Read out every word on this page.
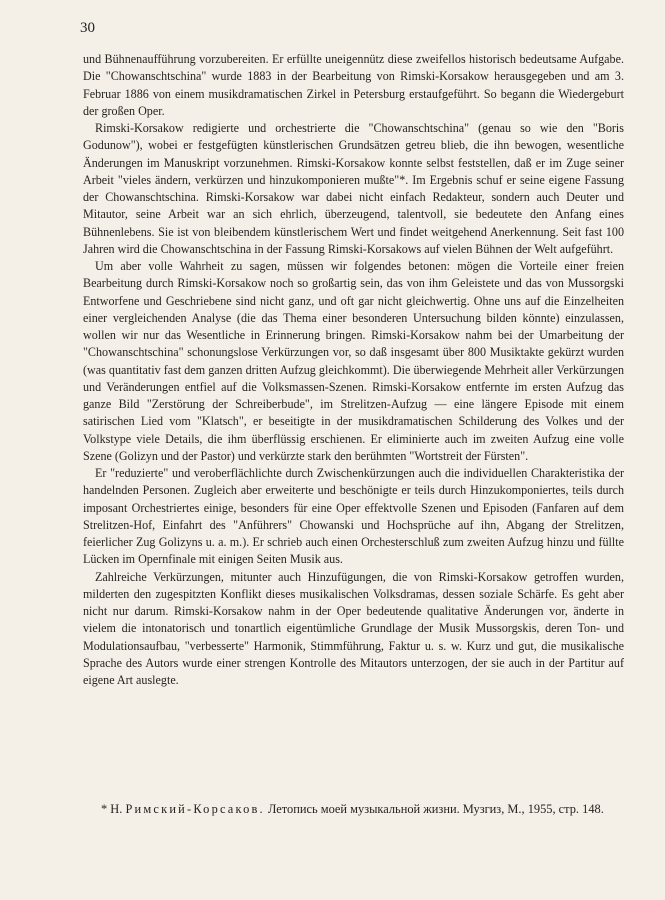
30

und Bühnenaufführung vorzubereiten. Er erfüllte uneigennütz diese zweifellos historisch bedeutsame Aufgabe. Die "Chowanschtschina" wurde 1883 in der Bearbeitung von Rimski-Korsakow herausgegeben und am 3. Februar 1886 von einem musikdramatischen Zirkel in Petersburg erstaufgeführt. So begann die Wiedergeburt der großen Oper.

Rimski-Korsakow redigierte und orchestrierte die "Chowanschtschina" (genau so wie den "Boris Godunow"), wobei er festgefügten künstlerischen Grundsätzen getreu blieb, die ihn bewogen, wesentliche Änderungen im Manuskript vorzunehmen. Rimski-Korsakow konnte selbst feststellen, daß er im Zuge seiner Arbeit "vieles ändern, verkürzen und hinzukomponieren mußte"*. Im Ergebnis schuf er seine eigene Fassung der Chowanschtschina. Rimski-Korsakow war dabei nicht einfach Redakteur, sondern auch Deuter und Mitautor, seine Arbeit war an sich ehrlich, überzeugend, talentvoll, sie bedeutete den Anfang eines Bühnenlebens. Sie ist von bleibendem künstlerischem Wert und findet weitgehend Anerkennung. Seit fast 100 Jahren wird die Chowanschtschina in der Fassung Rimski-Korsakows auf vielen Bühnen der Welt aufgeführt.

Um aber volle Wahrheit zu sagen, müssen wir folgendes betonen: mögen die Vorteile einer freien Bearbeitung durch Rimski-Korsakow noch so großartig sein, das von ihm Geleistete und das von Mussorgski Entworfene und Geschriebene sind nicht ganz, und oft gar nicht gleichwertig. Ohne uns auf die Einzelheiten einer vergleichenden Analyse (die das Thema einer besonderen Untersuchung bilden könnte) einzulassen, wollen wir nur das Wesentliche in Erinnerung bringen. Rimski-Korsakow nahm bei der Umarbeitung der "Chowanschtschina" schonungslose Verkürzungen vor, so daß insgesamt über 800 Musiktakte gekürzt wurden (was quantitativ fast dem ganzen dritten Aufzug gleichkommt). Die überwiegende Mehrheit aller Verkürzungen und Veränderungen entfiel auf die Volksmassen-Szenen. Rimski-Korsakow entfernte im ersten Aufzug das ganze Bild "Zerstörung der Schreiberbude", im Strelitzen-Aufzug — eine längere Episode mit einem satirischen Lied vom "Klatsch", er beseitigte in der musikdramatischen Schilderung des Volkes und der Volkstype viele Details, die ihm überflüssig erschienen. Er eliminierte auch im zweiten Aufzug eine volle Szene (Golizyn und der Pastor) und verkürzte stark den berühmten "Wortstreit der Fürsten".

Er "reduzierte" und veroberflächlichte durch Zwischenkürzungen auch die individuellen Charakteristika der handelnden Personen. Zugleich aber erweiterte und beschönigte er teils durch Hinzukomponiertes, teils durch imposant Orchestriertes einige, besonders für eine Oper effektvolle Szenen und Episoden (Fanfaren auf dem Strelitzen-Hof, Einfahrt des "Anführers" Chowanski und Hochsprüche auf ihn, Abgang der Strelitzen, feierlicher Zug Golizyns u. a. m.). Er schrieb auch einen Orchesterschluß zum zweiten Aufzug hinzu und füllte Lücken im Opernfinale mit einigen Seiten Musik aus.

Zahlreiche Verkürzungen, mitunter auch Hinzufügungen, die von Rimski-Korsakow getroffen wurden, milderten den zugespitzten Konflikt dieses musikalischen Volksdramas, dessen soziale Schärfe. Es geht aber nicht nur darum. Rimski-Korsakow nahm in der Oper bedeutende qualitative Änderungen vor, änderte in vielem die intonatorisch und tonartlich eigentümliche Grundlage der Musik Mussorgskis, deren Ton- und Modulationsaufbau, "verbesserte" Harmonik, Stimmführung, Faktur u. s. w. Kurz und gut, die musikalische Sprache des Autors wurde einer strengen Kontrolle des Mitautors unterzogen, der sie auch in der Partitur auf eigene Art auslegte.

* Н. Римский-Корсаков. Летопись моей музыкальной жизни. Музгиз, М., 1955, стр. 148.
